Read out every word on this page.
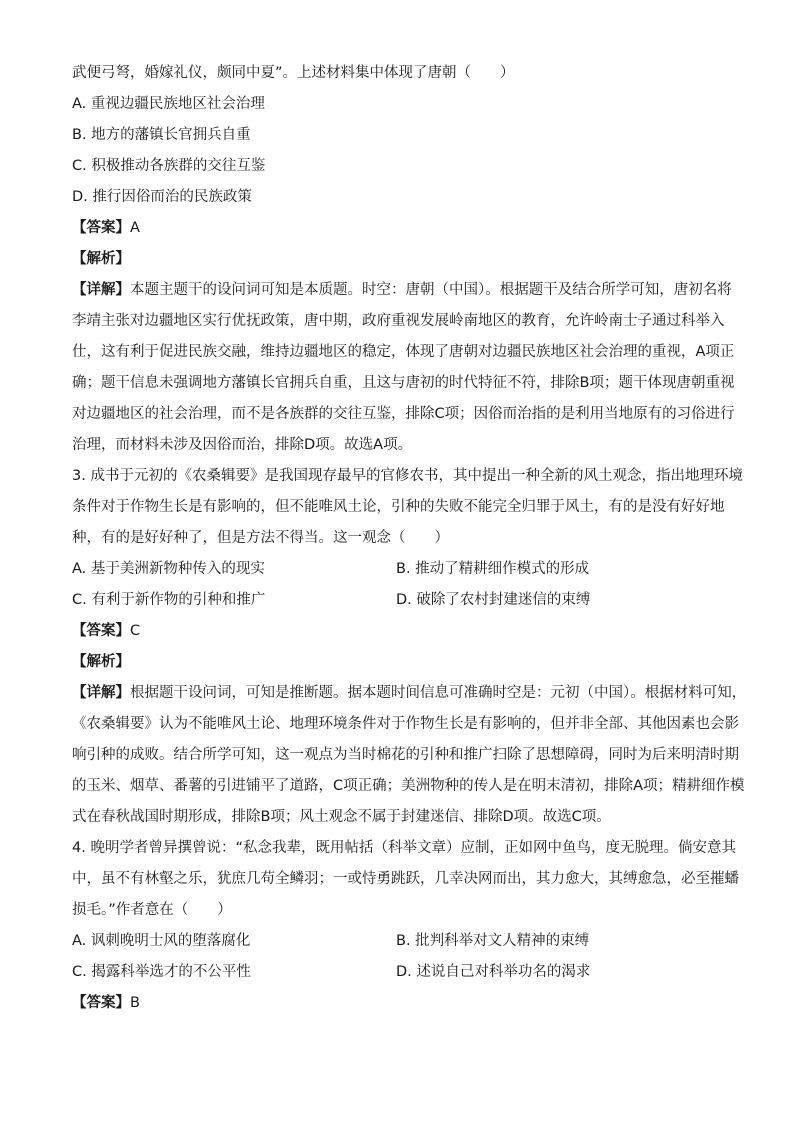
武便弓弩，婚嫁礼仪，颇同中夏”。上述材料集中体现了唐朝（　　）
A. 重视边疆民族地区社会治理
B. 地方的藩镇长官拥兵自重
C. 积极推动各族群的交往互鉴
D. 推行因俗而治的民族政策
【答案】A
【解析】
【详解】本题主题干的设问词可知是本质题。时空：唐朝（中国）。根据题干及结合所学可知，唐初名将
李靖主张对边疆地区实行优抚政策，唐中期，政府重视发展岭南地区的教育，允许岭南士子通过科举入
仕，这有利于促进民族交融，维持边疆地区的稳定，体现了唐朝对边疆民族地区社会治理的重视，A项正
确；题干信息未强调地方藩镇长官拥兵自重，且这与唐初的时代特征不符，排除B项；题干体现唐朝重视
对边疆地区的社会治理，而不是各族群的交往互鉴，排除C项；因俗而治指的是利用当地原有的习俗进行
治理，而材料未涉及因俗而治，排除D项。故选A项。
3. 成书于元初的《农桑辑要》是我国现存最早的官修农书，其中提出一种全新的风土观念，指出地理环境
条件对于作物生长是有影响的，但不能唯风土论，引种的失败不能完全归罪于风土，有的是没有好好地
种，有的是好好种了，但是方法不得当。这一观念（　　）
A. 基于美洲新物种传入的现实	B. 推动了精耕细作模式的形成
C. 有利于新作物的引种和推广	D. 破除了农村封建迷信的束缚
【答案】C
【解析】
【详解】根据题干设问词，可知是推断题。据本题时间信息可准确时空是：元初（中国）。根据材料可知，
《农桑辑要》认为不能唯风土论、地理环境条件对于作物生长是有影响的，但并非全部、其他因素也会影
响引种的成败。结合所学可知，这一观点为当时棉花的引种和推广扫除了思想障碍，同时为后来明清时期
的玉米、烟草、番薯的引进铺平了道路，C项正确；美洲物种的传人是在明末清初，排除A项；精耕细作模
式在春秋战国时期形成，排除B项；风土观念不属于封建迷信、排除D项。故选C项。
4. 晚明学者曾异撰曾说：“私念我辈，既用帖括（科举文章）应制，正如网中鱼鸟，度无脱理。倘安意其
中，虽不有林壑之乐，犹庶几苟全鳞羽；一或恃勇跳跃，几幸决网而出，其力愈大，其缚愈急，必至摧蟠
损毛。”作者意在（　　）
A. 讽刺晚明士风的堕落腐化	B. 批判科举对文人精神的束缚
C. 揭露科举选才的不公平性	D. 述说自己对科举功名的渴求
【答案】B
